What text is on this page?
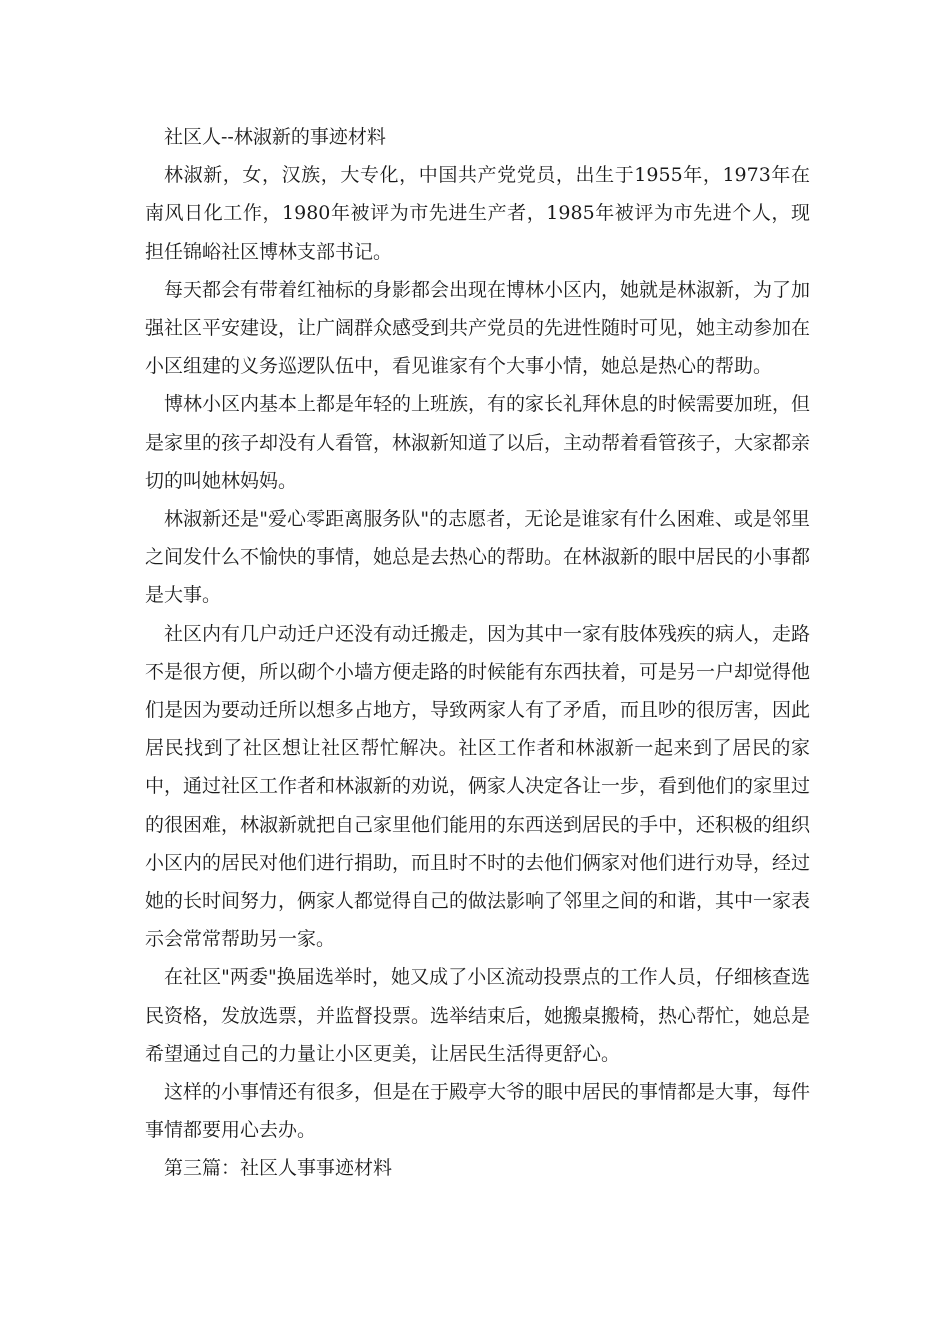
社区人--林淑新的事迹材料

林淑新，女，汉族，大专化，中国共产党党员，出生于1955年，1973年在南风日化工作，1980年被评为市先进生产者，1985年被评为市先进个人，现担任锦峪社区博林支部书记。

每天都会有带着红袖标的身影都会出现在博林小区内，她就是林淑新，为了加强社区平安建设，让广阔群众感受到共产党员的先进性随时可见，她主动参加在小区组建的义务巡逻队伍中，看见谁家有个大事小情，她总是热心的帮助。

博林小区内基本上都是年轻的上班族，有的家长礼拜休息的时候需要加班，但是家里的孩子却没有人看管，林淑新知道了以后，主动帮着看管孩子，大家都亲切的叫她林妈妈。

林淑新还是"爱心零距离服务队"的志愿者，无论是谁家有什么困难、或是邻里之间发什么不愉快的事情，她总是去热心的帮助。在林淑新的眼中居民的小事都是大事。

社区内有几户动迁户还没有动迁搬走，因为其中一家有肢体残疾的病人，走路不是很方便，所以砌个小墙方便走路的时候能有东西扶着，可是另一户却觉得他们是因为要动迁所以想多占地方，导致两家人有了矛盾，而且吵的很厉害，因此居民找到了社区想让社区帮忙解决。社区工作者和林淑新一起来到了居民的家中，通过社区工作者和林淑新的劝说，俩家人决定各让一步，看到他们的家里过的很困难，林淑新就把自己家里他们能用的东西送到居民的手中，还积极的组织小区内的居民对他们进行捐助，而且时不时的去他们俩家对他们进行劝导，经过她的长时间努力，俩家人都觉得自己的做法影响了邻里之间的和谐，其中一家表示会常常帮助另一家。

在社区"两委"换届选举时，她又成了小区流动投票点的工作人员，仔细核查选民资格，发放选票，并监督投票。选举结束后，她搬桌搬椅，热心帮忙，她总是希望通过自己的力量让小区更美，让居民生活得更舒心。

这样的小事情还有很多，但是在于殿亭大爷的眼中居民的事情都是大事，每件事情都要用心去办。

第三篇：社区人事事迹材料
